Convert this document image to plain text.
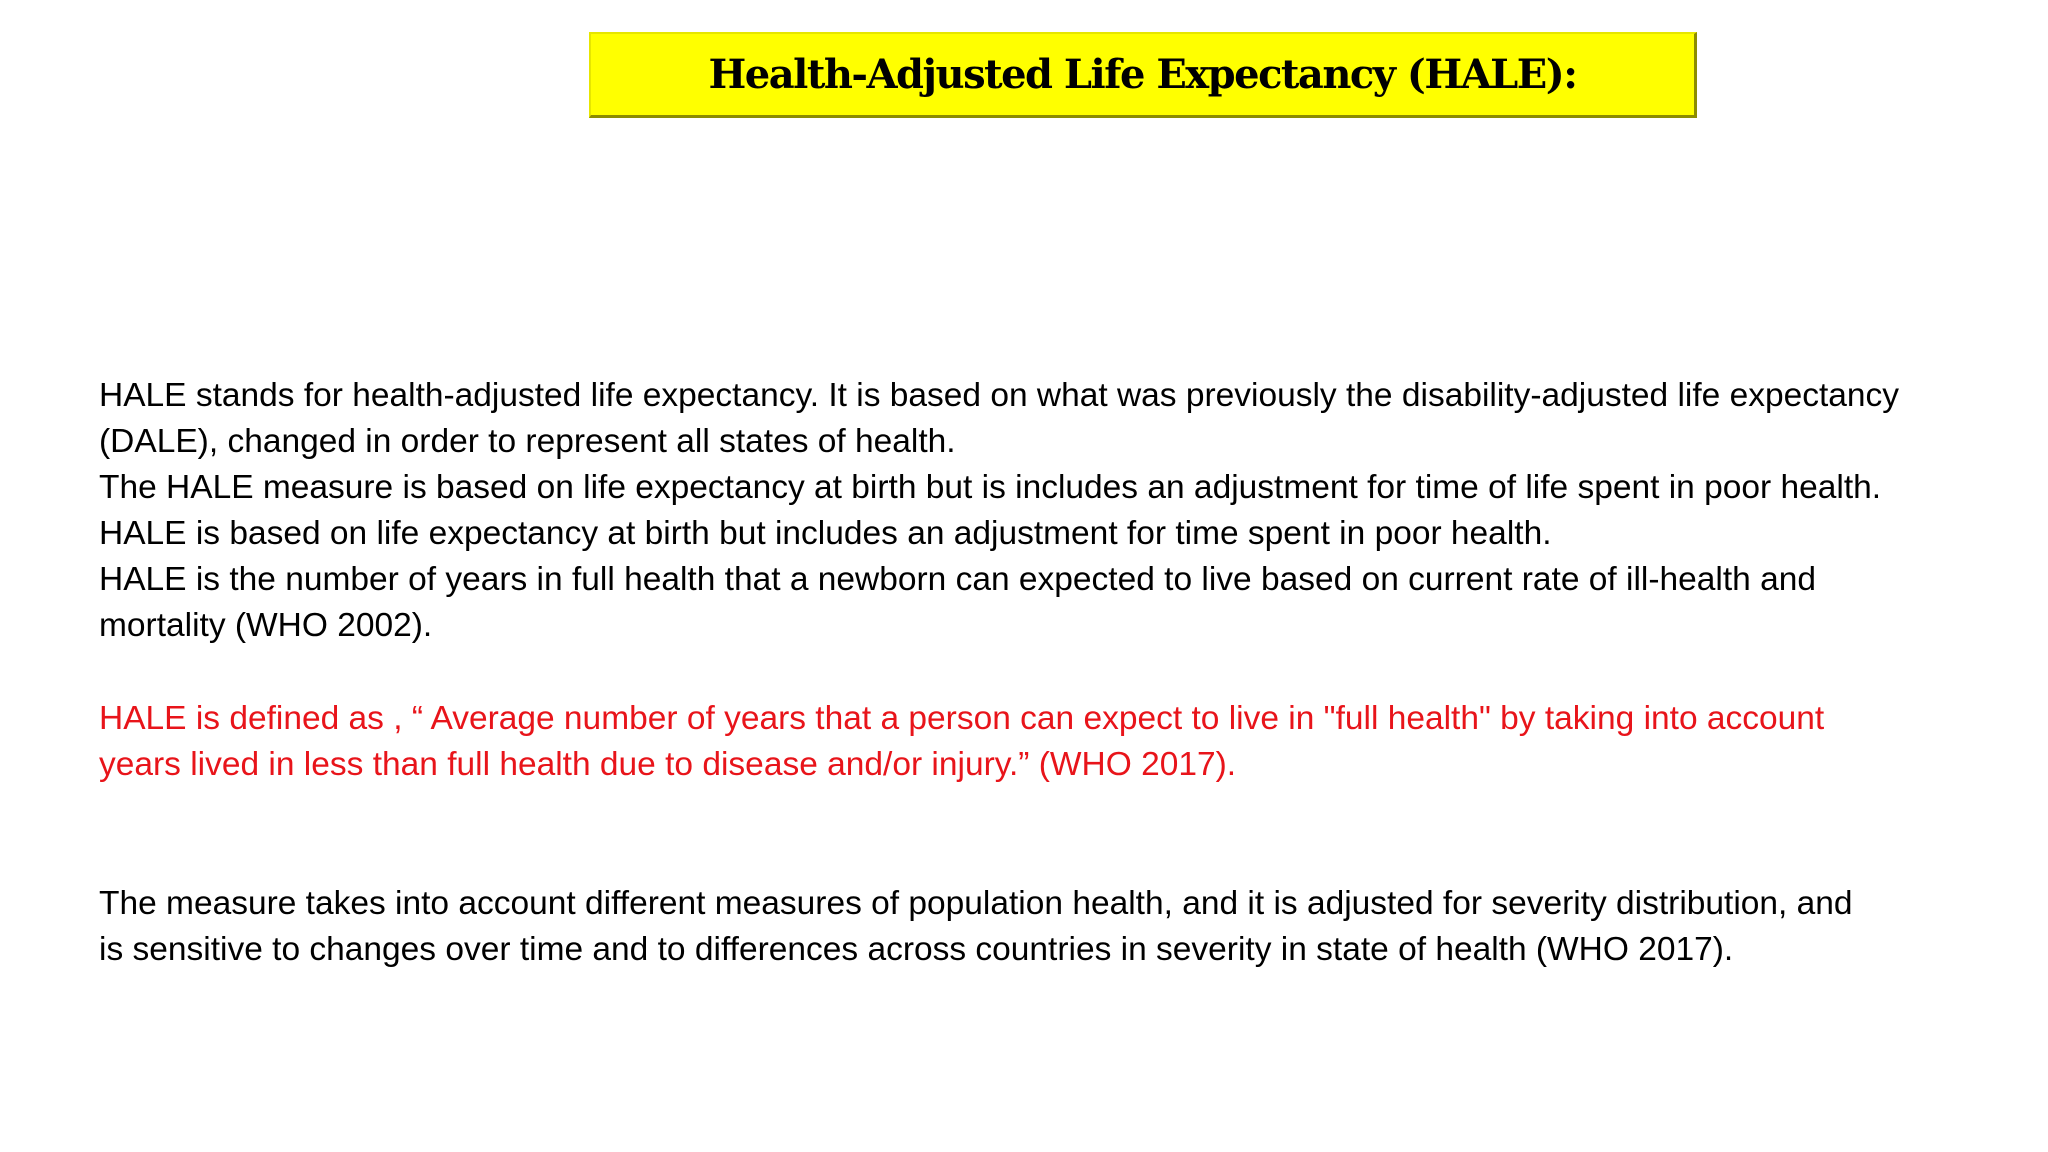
Health-Adjusted Life Expectancy (HALE):
HALE stands for health-adjusted life expectancy. It is based on what was previously the disability-adjusted life expectancy
(DALE), changed in order to represent all states of health.
The HALE measure is based on life expectancy at birth but is includes an adjustment for time of life spent in poor health.
HALE is based on life expectancy at birth but includes an adjustment for time spent in poor health.
HALE is the number of years in full health that a newborn can expected to live based on current rate of ill-health and
mortality (WHO 2002).
HALE is defined as , “ Average number of years that a person can expect to live in "full health" by taking into account
years lived in less than full health due to disease and/or injury.” (WHO 2017).
The measure takes into account different measures of population health, and it is adjusted for severity distribution, and
is sensitive to changes over time and to differences across countries in severity in state of health (WHO 2017).
